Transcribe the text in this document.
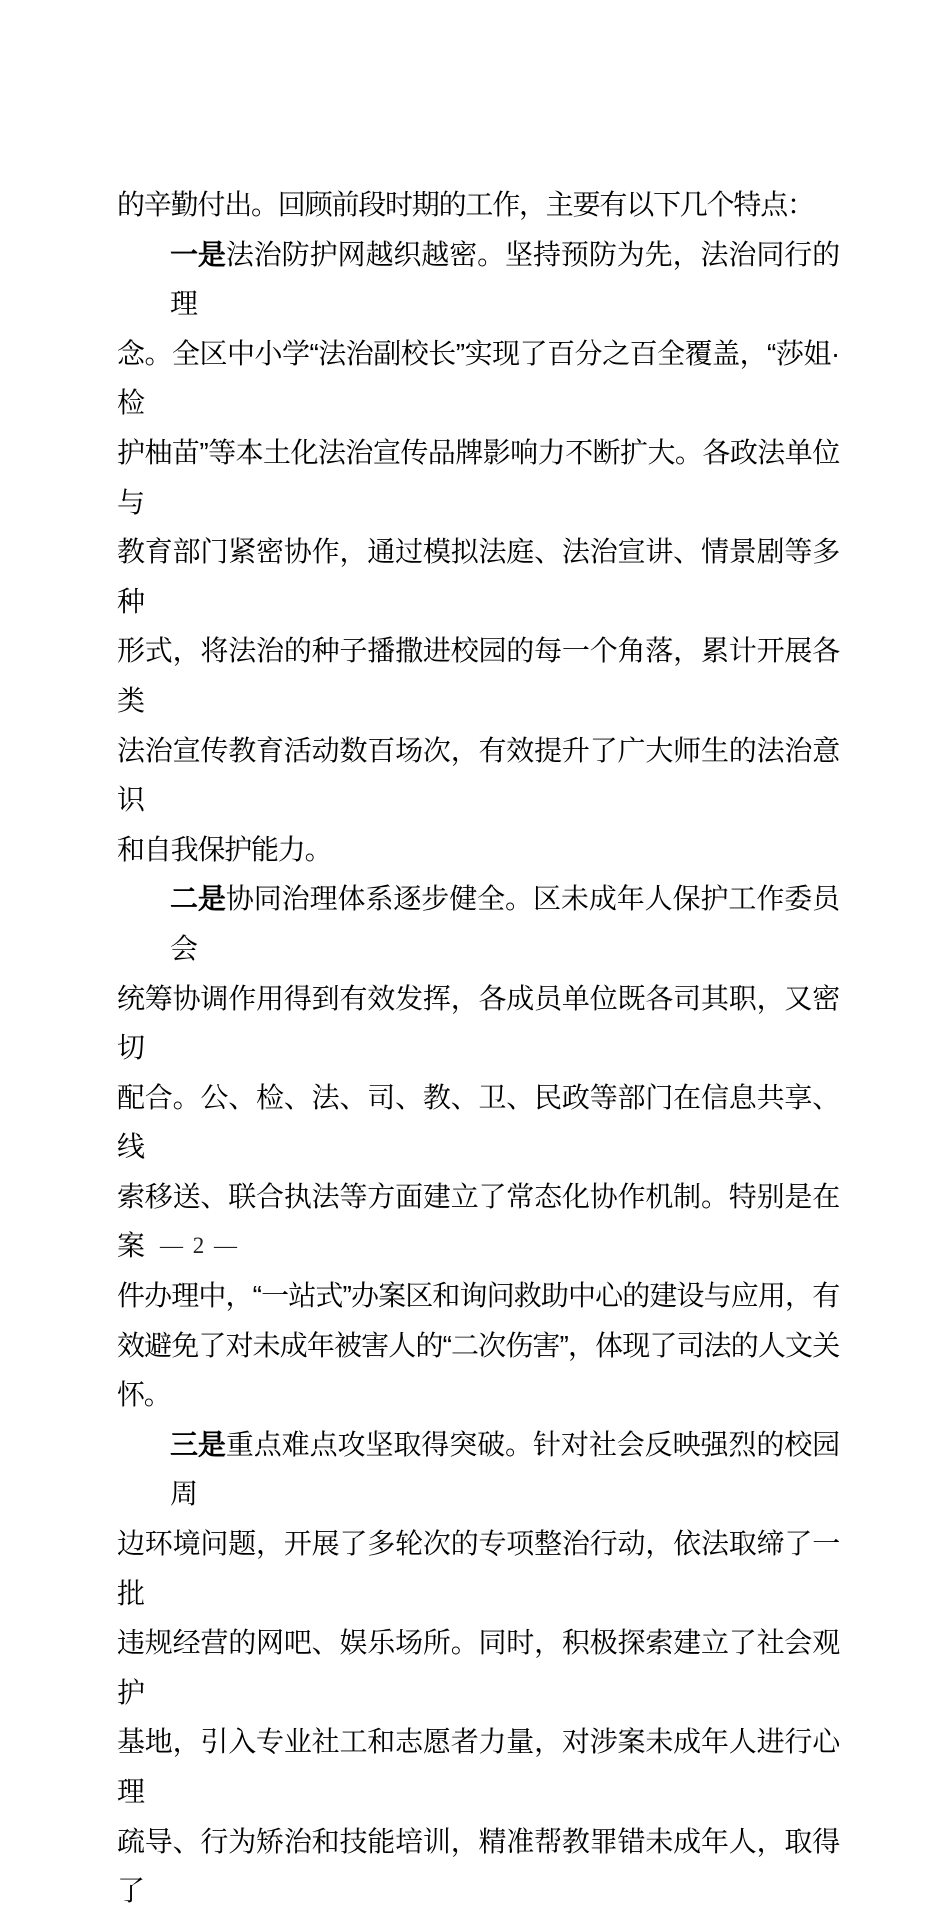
的辛勤付出。回顾前段时期的工作，主要有以下几个特点：
一是法治防护网越织越密。坚持预防为先，法治同行的理
念。全区中小学“法治副校长”实现了百分之百全覆盖，“莎姐·检
护柚苗”等本土化法治宣传品牌影响力不断扩大。各政法单位与
教育部门紧密协作，通过模拟法庭、法治宣讲、情景剧等多种
形式，将法治的种子播撒进校园的每一个角落，累计开展各类
法治宣传教育活动数百场次，有效提升了广大师生的法治意识
和自我保护能力。
二是协同治理体系逐步健全。区未成年人保护工作委员会
统筹协调作用得到有效发挥，各成员单位既各司其职，又密切
配合。公、检、法、司、教、卫、民政等部门在信息共享、线
索移送、联合执法等方面建立了常态化协作机制。特别是在案
件办理中，“一站式”办案区和询问救助中心的建设与应用，有
效避免了对未成年被害人的“二次伤害”，体现了司法的人文关
怀。
三是重点难点攻坚取得突破。针对社会反映强烈的校园周
边环境问题，开展了多轮次的专项整治行动，依法取缔了一批
违规经营的网吧、娱乐场所。同时，积极探索建立了社会观护
基地，引入专业社工和志愿者力量，对涉案未成年人进行心理
疏导、行为矫治和技能培训，精准帮教罪错未成年人，取得了
— 2 —
